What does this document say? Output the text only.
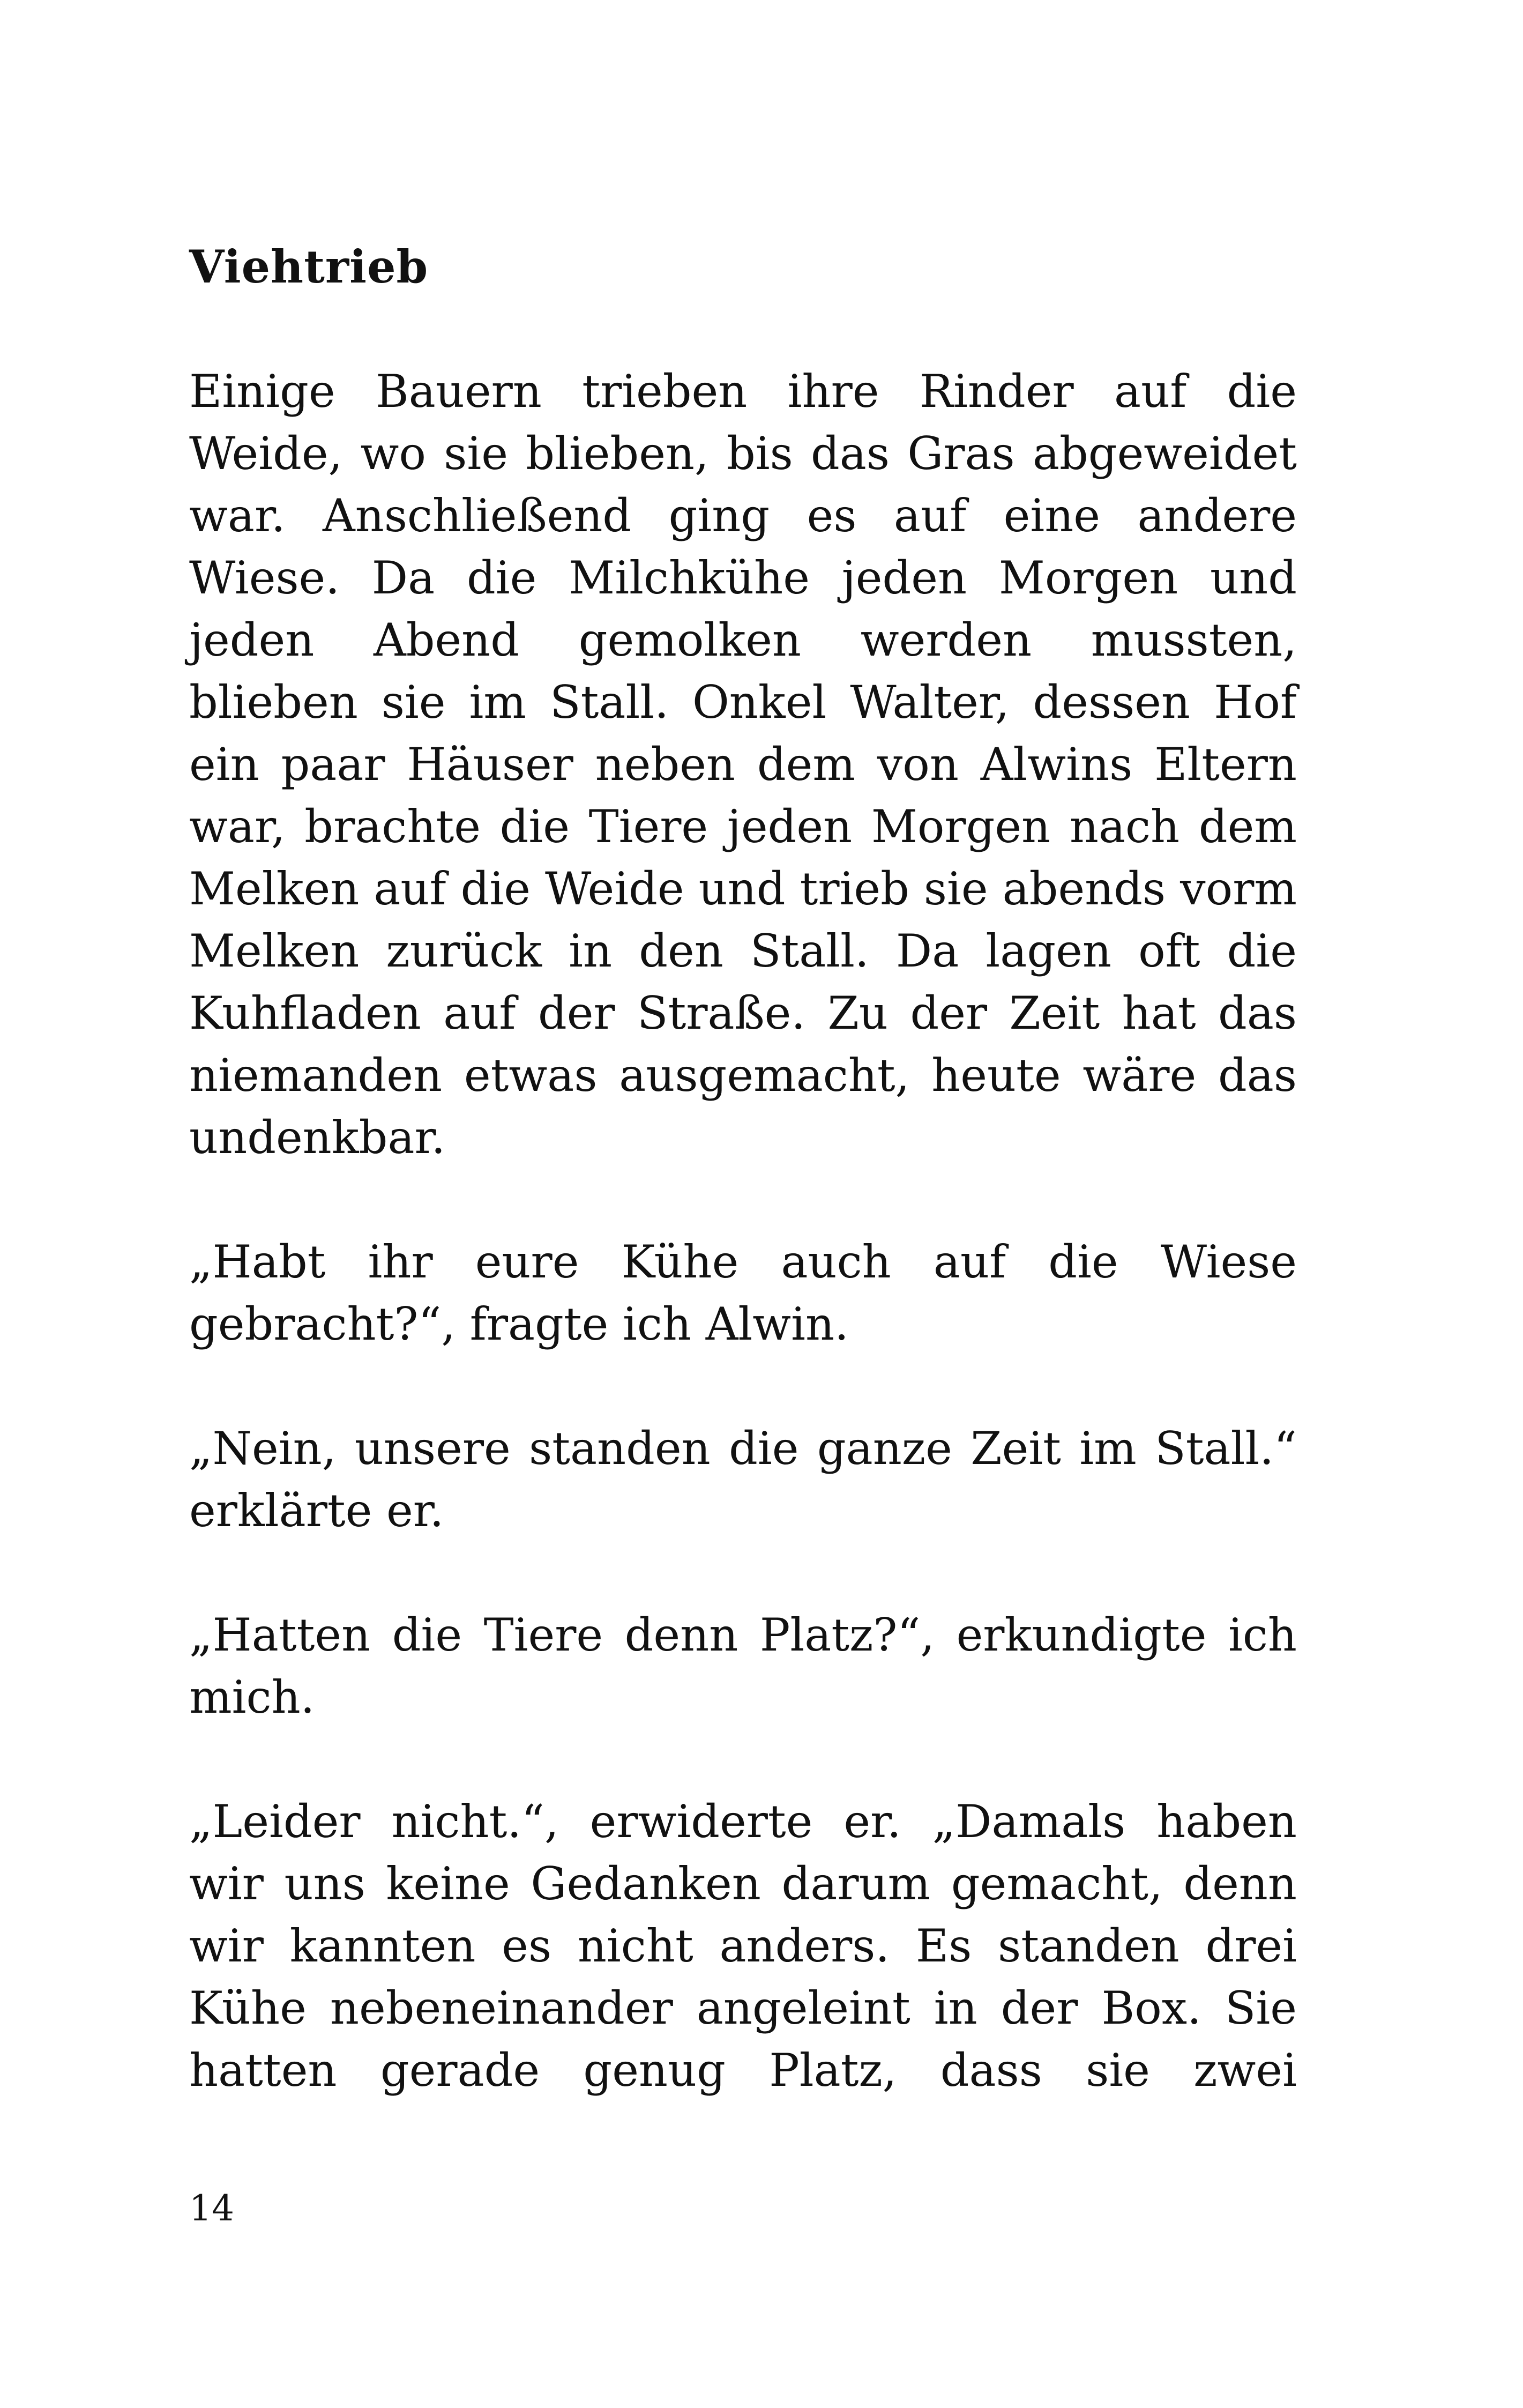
Viehtrieb

Einige Bauern trieben ihre Rinder auf die Weide, wo sie blieben, bis das Gras abgeweidet war. Anschließend ging es auf eine andere Wiese. Da die Milchkühe jeden Morgen und jeden Abend gemolken werden mussten, blieben sie im Stall. Onkel Walter, dessen Hof ein paar Häuser neben dem von Alwins Eltern war, brachte die Tiere jeden Morgen nach dem Melken auf die Weide und trieb sie abends vorm Melken zurück in den Stall. Da lagen oft die Kuhfladen auf der Straße. Zu der Zeit hat das niemanden etwas ausgemacht, heute wäre das undenkbar.

„Habt ihr eure Kühe auch auf die Wiese gebracht?“, fragte ich Alwin.

„Nein, unsere standen die ganze Zeit im Stall.“ erklärte er.

„Hatten die Tiere denn Platz?“, erkundigte ich mich.

„Leider nicht.“, erwiderte er. „Damals haben wir uns keine Gedanken darum gemacht, denn wir kannten es nicht anders. Es standen drei Kühe nebeneinander angeleint in der Box. Sie hatten gerade genug Platz, dass sie zwei

14
